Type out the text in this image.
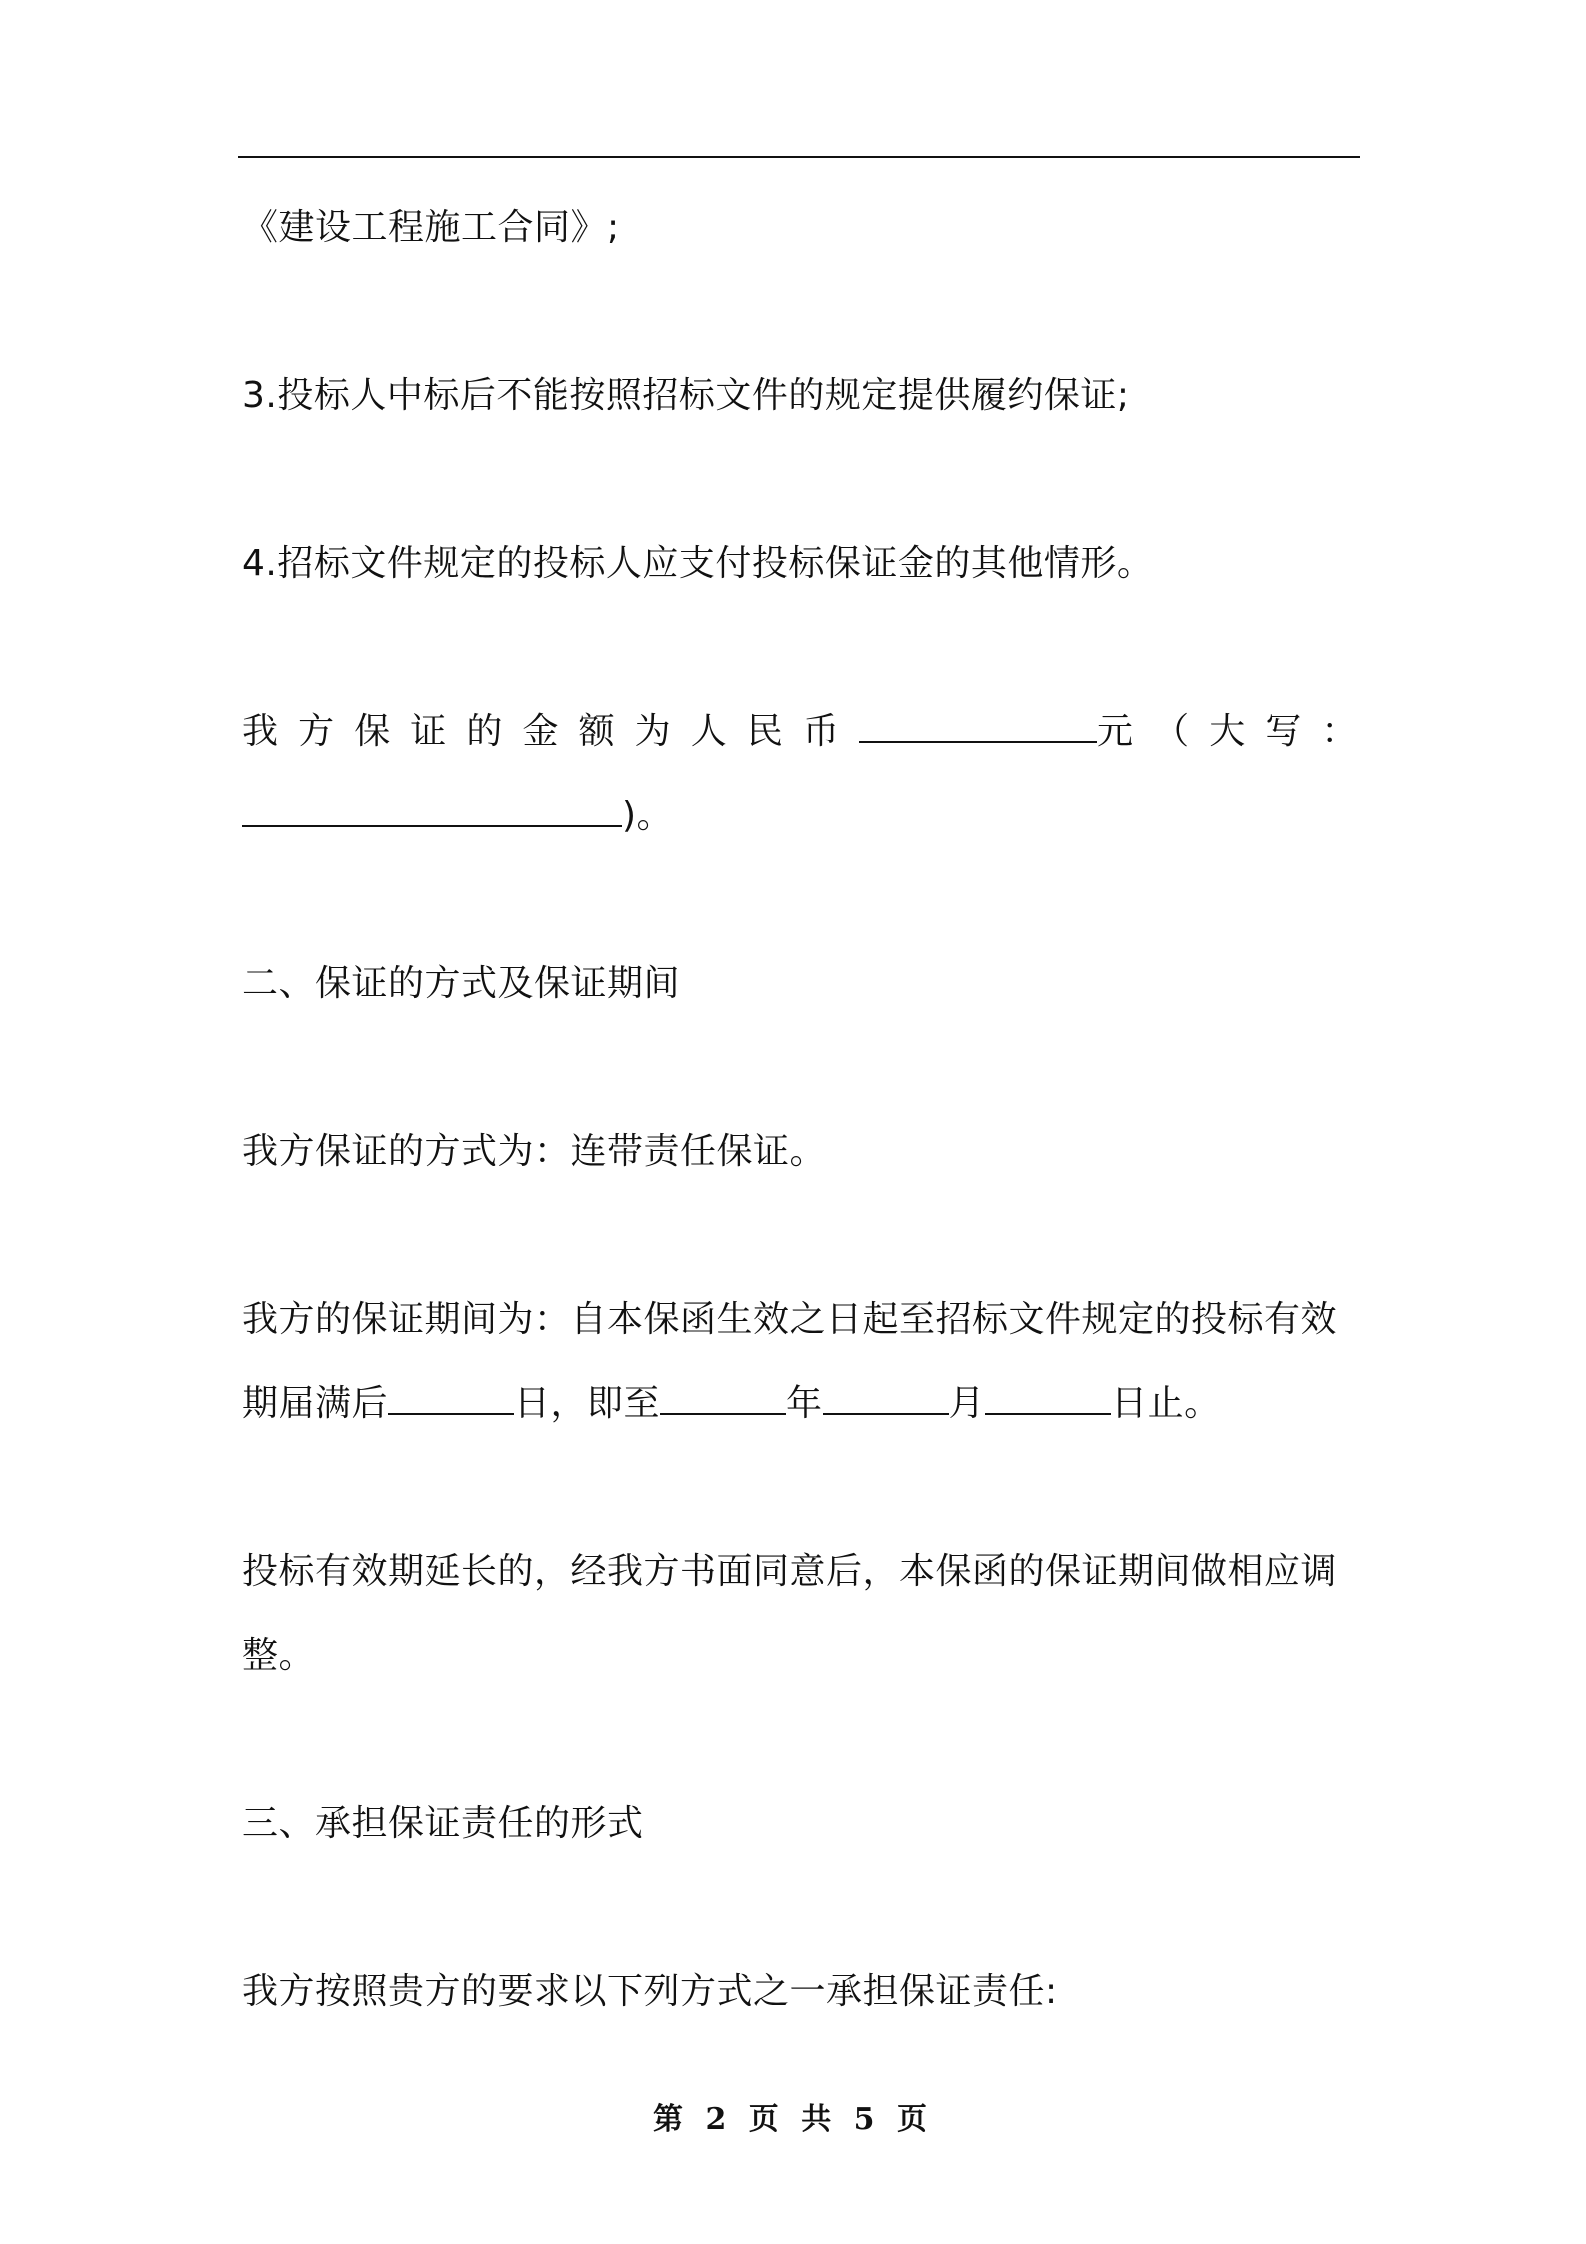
《建设工程施工合同》;
3.投标人中标后不能按照招标文件的规定提供履约保证;
4.招标文件规定的投标人应支付投标保证金的其他情形。
我 方 保 证 的 金 额 为 人 民 币	元 （ 大 写 ：
)。
二、保证的方式及保证期间
我方保证的方式为：连带责任保证。
我方的保证期间为：自本保函生效之日起至招标文件规定的投标有效
期届满后	日，即至	年	月	日止。
投标有效期延长的，经我方书面同意后，本保函的保证期间做相应调
整。
三、承担保证责任的形式
我方按照贵方的要求以下列方式之一承担保证责任:
第 2 页 共 5 页
